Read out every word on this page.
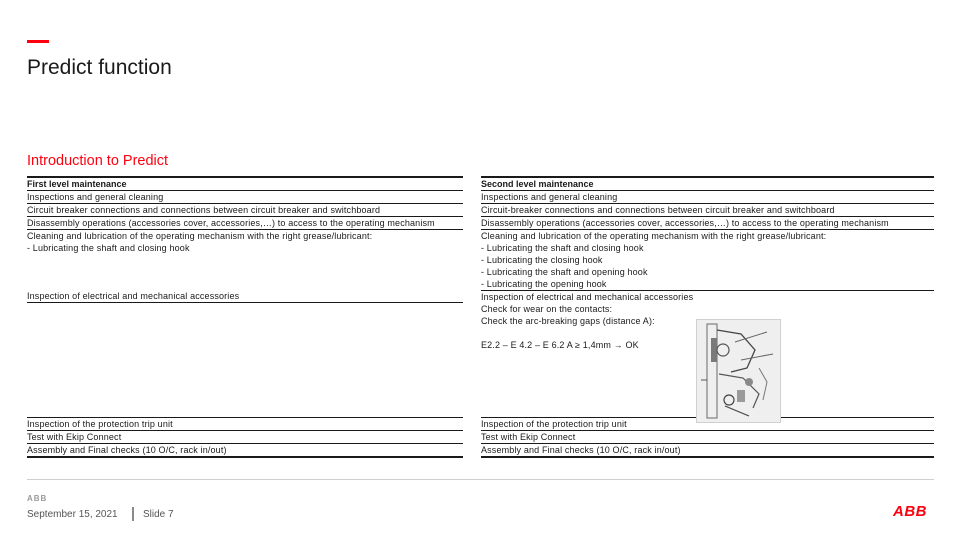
Predict function
Introduction to Predict
First level maintenance
Inspections and general cleaning
Circuit breaker connections and connections between circuit breaker and switchboard
Disassembly operations (accessories cover, accessories,…) to access to the operating mechanism
Cleaning and lubrication of the operating mechanism with the right grease/lubricant:
- Lubricating the shaft and closing hook
Inspection of electrical and mechanical accessories
Inspection of the protection trip unit
Test with Ekip Connect
Assembly and Final checks (10 O/C, rack in/out)
Second level maintenance
Inspections and general cleaning
Circuit-breaker connections and connections between circuit breaker and switchboard
Disassembly operations (accessories cover, accessories,…) to access to the operating mechanism
Cleaning and lubrication of the operating mechanism with the right grease/lubricant:
- Lubricating the shaft and closing hook
- Lubricating the closing hook
- Lubricating the shaft and opening hook
- Lubricating the opening hook
Inspection of electrical and mechanical accessories
Check for wear on the contacts:
Check the arc-breaking gaps (distance A):
E2.2 – E 4.2 – E 6.2 A ≥ 1,4mm → OK
Inspection of the protection trip unit
Test with Ekip Connect
Assembly and Final checks (10 O/C, rack in/out)
ABB
September 15, 2021	Slide 7	ABB
